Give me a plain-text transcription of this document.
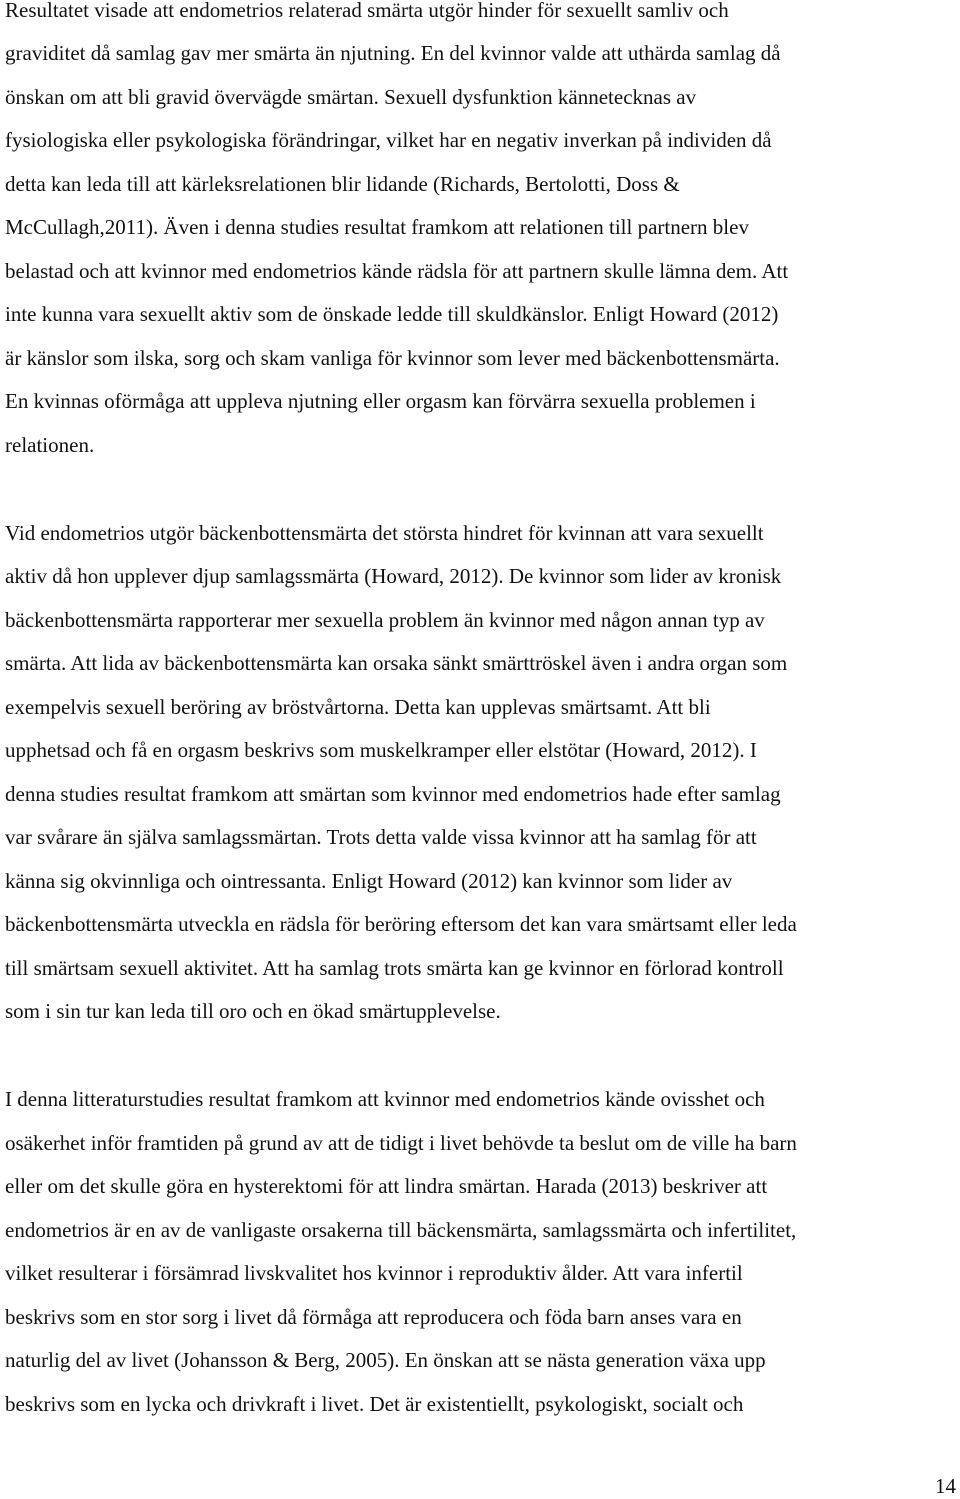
Resultatet visade att endometrios relaterad smärta utgör hinder för sexuellt samliv och
graviditet då samlag gav mer smärta än njutning. En del kvinnor valde att uthärda samlag då
önskan om att bli gravid övervägde smärtan. Sexuell dysfunktion kännetecknas av
fysiologiska eller psykologiska förändringar, vilket har en negativ inverkan på individen då
detta kan leda till att kärleksrelationen blir lidande (Richards, Bertolotti, Doss &
McCullagh,2011). Även i denna studies resultat framkom att relationen till partnern blev
belastad och att kvinnor med endometrios kände rädsla för att partnern skulle lämna dem. Att
inte kunna vara sexuellt aktiv som de önskade ledde till skuldkänslor. Enligt Howard (2012)
är känslor som ilska, sorg och skam vanliga för kvinnor som lever med bäckenbottensmärta.
En kvinnas oförmåga att uppleva njutning eller orgasm kan förvärra sexuella problemen i
relationen.
Vid endometrios utgör bäckenbottensmärta det största hindret för kvinnan att vara sexuellt
aktiv då hon upplever djup samlagssmärta (Howard, 2012). De kvinnor som lider av kronisk
bäckenbottensmärta rapporterar mer sexuella problem än kvinnor med någon annan typ av
smärta. Att lida av bäckenbottensmärta kan orsaka sänkt smärttröskel även i andra organ som
exempelvis sexuell beröring av bröstvårtorna. Detta kan upplevas smärtsamt. Att bli
upphetsad och få en orgasm beskrivs som muskelkramper eller elstötar (Howard, 2012). I
denna studies resultat framkom att smärtan som kvinnor med endometrios hade efter samlag
var svårare än själva samlagssmärtan. Trots detta valde vissa kvinnor att ha samlag för att
känna sig okvinnliga och ointressanta. Enligt Howard (2012) kan kvinnor som lider av
bäckenbottensmärta utveckla en rädsla för beröring eftersom det kan vara smärtsamt eller leda
till smärtsam sexuell aktivitet. Att ha samlag trots smärta kan ge kvinnor en förlorad kontroll
som i sin tur kan leda till oro och en ökad smärtupplevelse.
I denna litteraturstudies resultat framkom att kvinnor med endometrios kände ovisshet och
osäkerhet inför framtiden på grund av att de tidigt i livet behövde ta beslut om de ville ha barn
eller om det skulle göra en hysterektomi för att lindra smärtan. Harada (2013) beskriver att
endometrios är en av de vanligaste orsakerna till bäckensmärta, samlagssmärta och infertilitet,
vilket resulterar i försämrad livskvalitet hos kvinnor i reproduktiv ålder. Att vara infertil
beskrivs som en stor sorg i livet då förmåga att reproducera och föda barn anses vara en
naturlig del av livet (Johansson & Berg, 2005). En önskan att se nästa generation växa upp
beskrivs som en lycka och drivkraft i livet. Det är existentiellt, psykologiskt, socialt och
14
